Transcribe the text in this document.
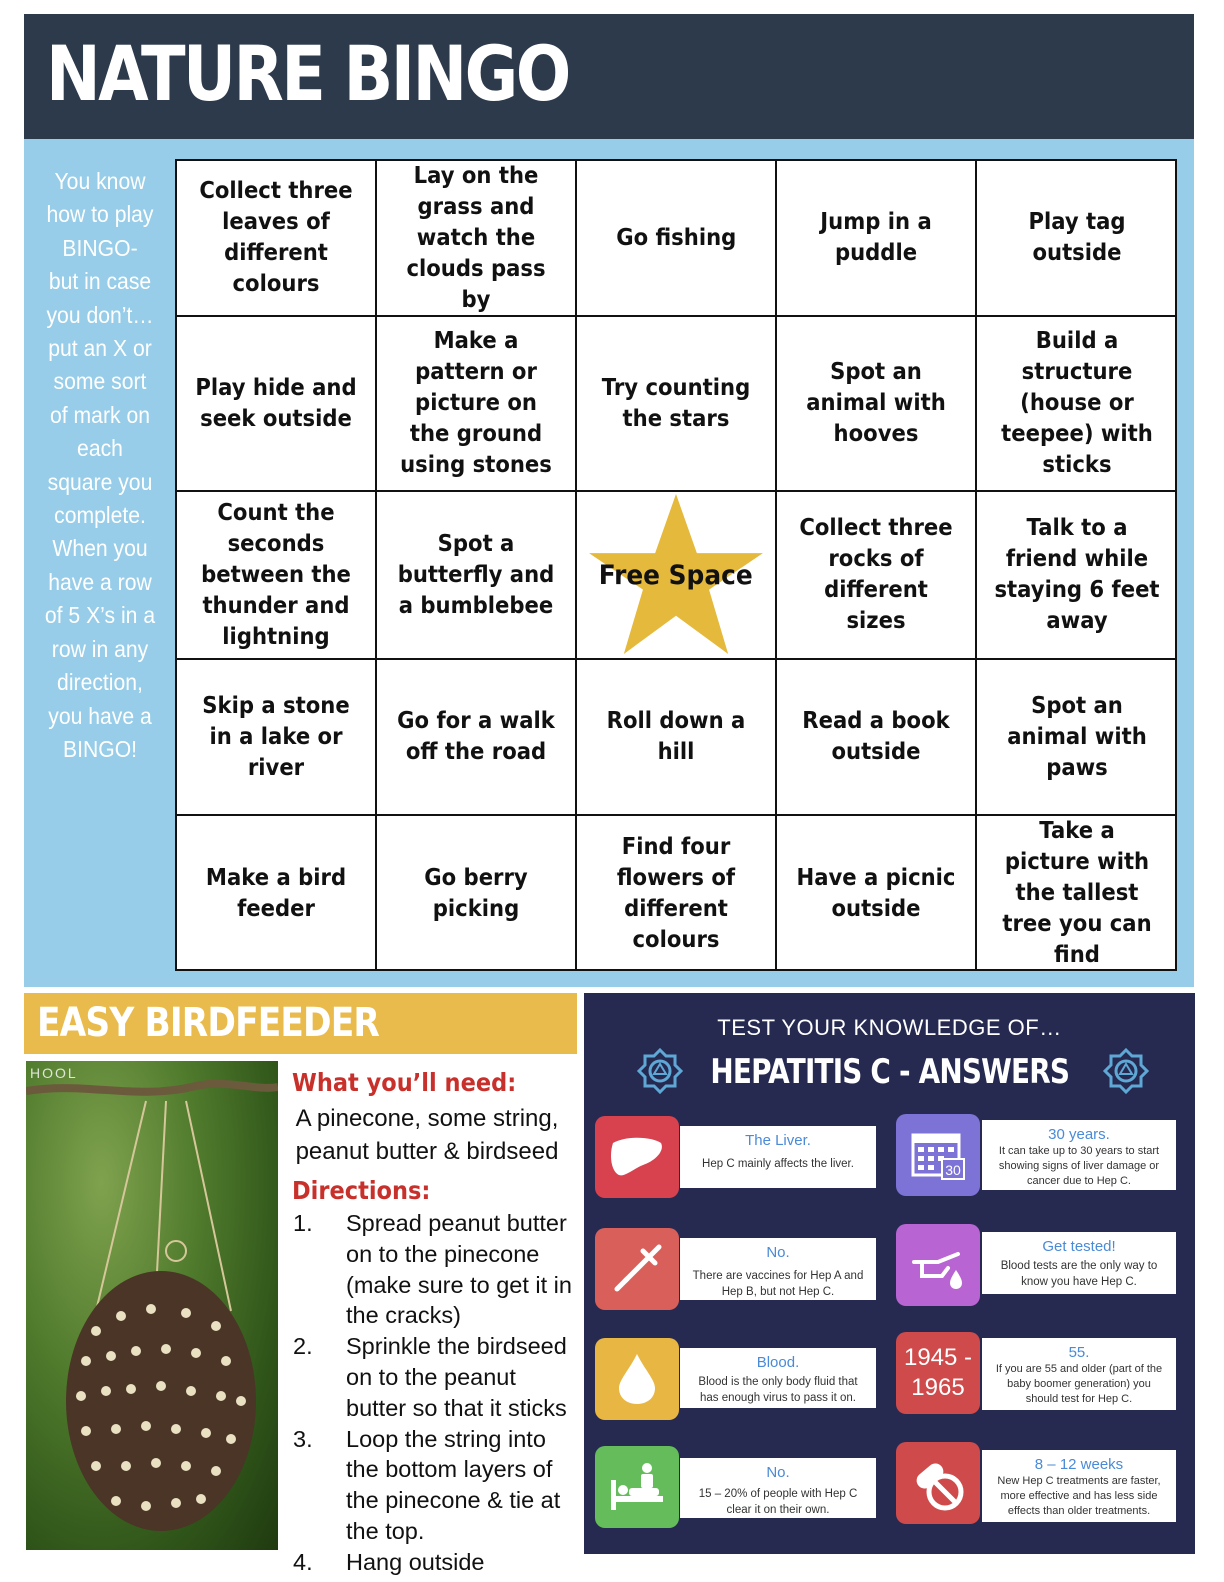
NATURE BINGO
You know how to play BINGO- but in case you don’t… put an X or some sort of mark on each square you complete. When you have a row of 5 X’s in a row in any direction, you have a BINGO!
Collect three leaves of different colours
Lay on the grass and watch the clouds pass by
Go fishing
Jump in a puddle
Play tag outside
Play hide and seek outside
Make a pattern or picture on the ground using stones
Try counting the stars
Spot an animal with hooves
Build a structure (house or teepee) with sticks
Count the seconds between the thunder and lightning
Spot a butterfly and a bumblebee
Free Space
Collect three rocks of different sizes
Talk to a friend while staying 6 feet away
Skip a stone in a lake or river
Go for a walk off the road
Roll down a hill
Read a book outside
Spot an animal with paws
Make a bird feeder
Go berry picking
Find four flowers of different colours
Have a picnic outside
Take a picture with the tallest tree you can find
EASY BIRDFEEDER
HOOL	What you’ll need:
A pinecone, some string, peanut butter & birdseed
Directions:
1. Spread peanut butter on to the pinecone (make sure to get it in the cracks)
2. Sprinkle the birdseed on to the peanut butter so that it sticks
3. Loop the string into the bottom layers of the pinecone & tie at the top.
4. Hang outside
TEST YOUR KNOWLEDGE OF…
HEPATITIS C - ANSWERS
The Liver.
Hep C mainly affects the liver.
No.
There are vaccines for Hep A and Hep B, but not Hep C.
Blood.
Blood is the only body fluid that has enough virus to pass it on.
No.
15 – 20% of people with Hep C clear it on their own.
30
30 years.
It can take up to 30 years to start showing signs of liver damage or cancer due to Hep C.
Get tested!
Blood tests are the only way to know you have Hep C.
1945 -
1965
55.
If you are 55 and older (part of the baby boomer generation) you should test for Hep C.
8 – 12 weeks
New Hep C treatments are faster, more effective and has less side effects than older treatments.
